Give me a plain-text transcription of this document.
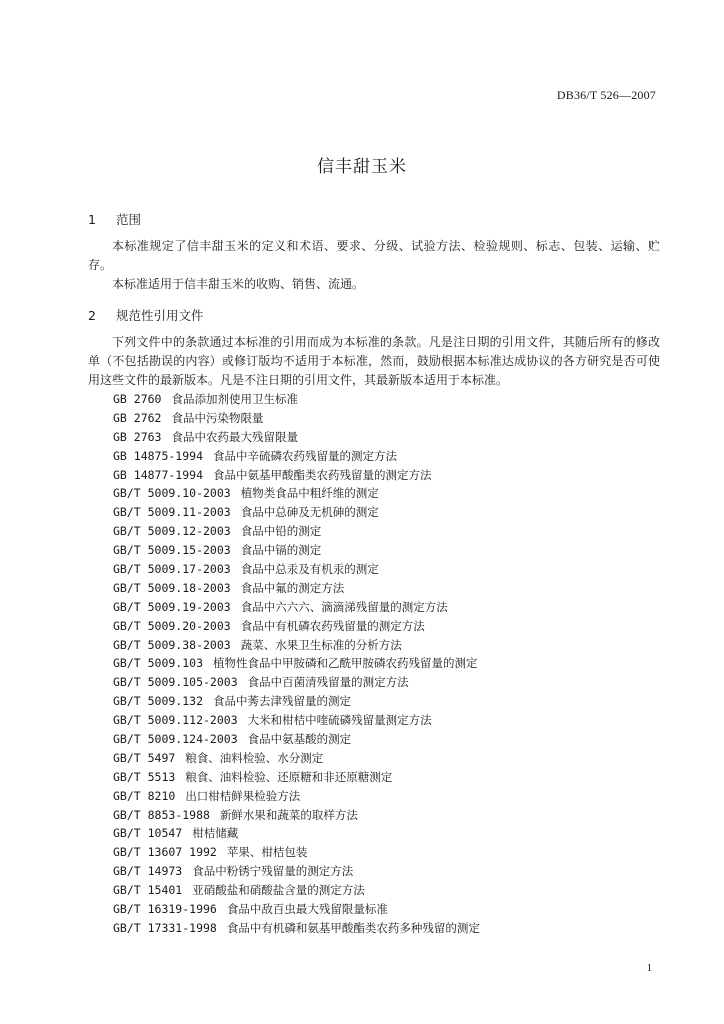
DB36/T 526—2007
信丰甜玉米
1 范围

本标准规定了信丰甜玉米的定义和术语、要求、分级、试验方法、检验规则、标志、包装、运输、贮存。

本标准适用于信丰甜玉米的收购、销售、流通。

2 规范性引用文件

下列文件中的条款通过本标准的引用而成为本标准的条款。凡是注日期的引用文件，其随后所有的修改单（不包括勘误的内容）或修订版均不适用于本标准，然而，鼓励根据本标准达成协议的各方研究是否可使用这些文件的最新版本。凡是不注日期的引用文件，其最新版本适用于本标准。

GB 2760 食品添加剂使用卫生标准
GB 2762 食品中污染物限量
GB 2763 食品中农药最大残留限量
GB 14875-1994 食品中辛硫磷农药残留量的测定方法
GB 14877-1994 食品中氨基甲酸酯类农药残留量的测定方法
GB/T 5009.10-2003 植物类食品中粗纤维的测定
GB/T 5009.11-2003 食品中总砷及无机砷的测定
GB/T 5009.12-2003 食品中铅的测定
GB/T 5009.15-2003 食品中镉的测定
GB/T 5009.17-2003 食品中总汞及有机汞的测定
GB/T 5009.18-2003 食品中氟的测定方法
GB/T 5009.19-2003 食品中六六六、滴滴涕残留量的测定方法
GB/T 5009.20-2003 食品中有机磷农药残留量的测定方法
GB/T 5009.38-2003 蔬菜、水果卫生标准的分析方法
GB/T 5009.103 植物性食品中甲胺磷和乙酰甲胺磷农药残留量的测定
GB/T 5009.105-2003 食品中百菌清残留量的测定方法
GB/T 5009.132 食品中莠去津残留量的测定
GB/T 5009.112-2003 大米和柑桔中喹硫磷残留量测定方法
GB/T 5009.124-2003 食品中氨基酸的测定
GB/T 5497 粮食、油料检验、水分测定
GB/T 5513 粮食、油料检验、还原糖和非还原糖测定
GB/T 8210 出口柑桔鲜果检验方法
GB/T 8853-1988 新鲜水果和蔬菜的取样方法
GB/T 10547 柑桔储藏
GB/T 13607 1992 苹果、柑桔包装
GB/T 14973 食品中粉锈宁残留量的测定方法
GB/T 15401 亚硝酸盐和硝酸盐含量的测定方法
GB/T 16319-1996 食品中敌百虫最大残留限量标准
GB/T 17331-1998 食品中有机磷和氨基甲酸酯类农药多种残留的测定
1
